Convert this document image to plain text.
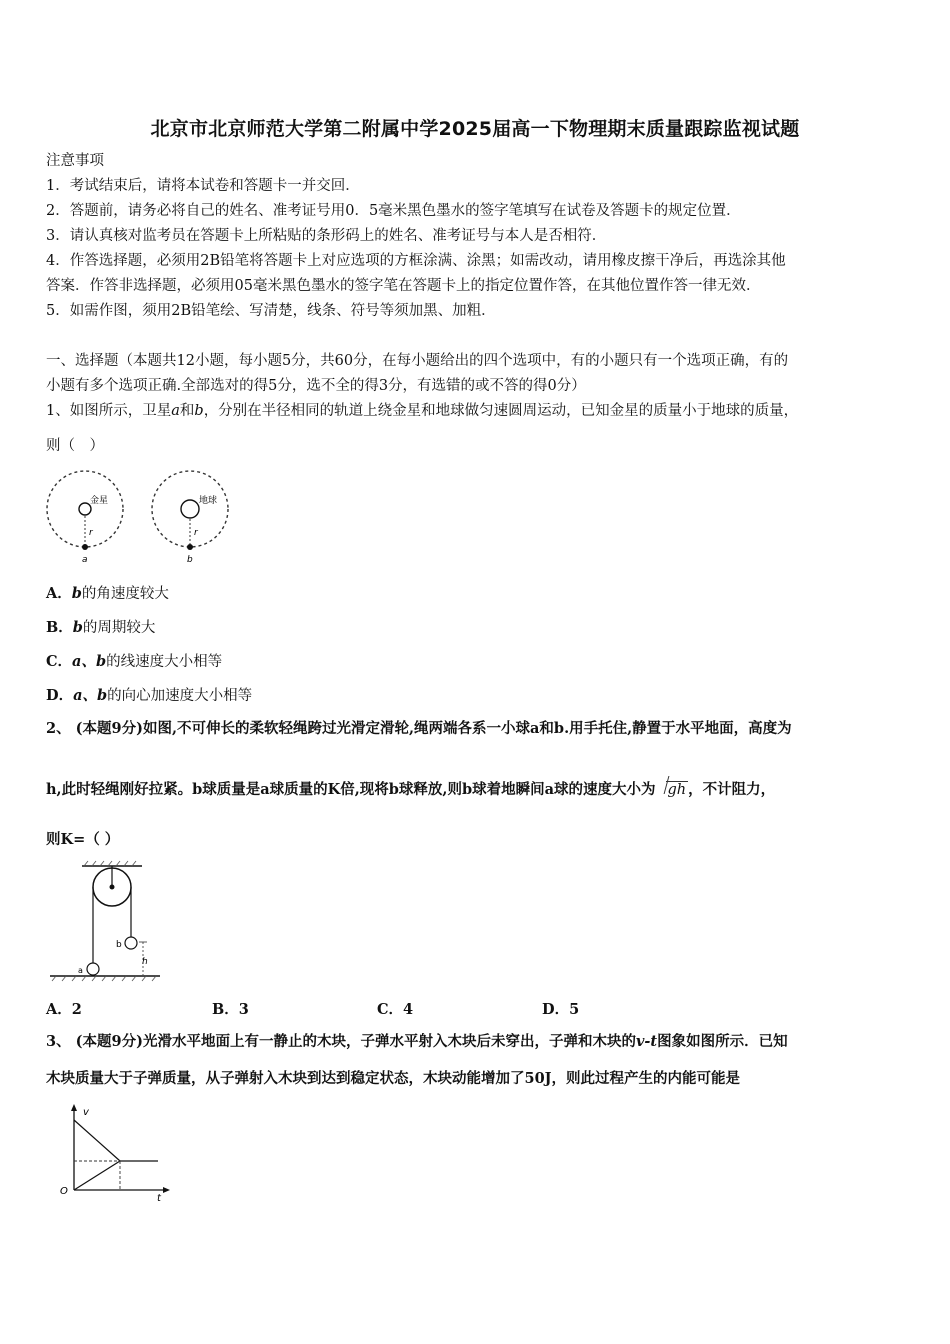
北京市北京师范大学第二附属中学2025届高一下物理期末质量跟踪监视试题
注意事项
1．考试结束后，请将本试卷和答题卡一并交回．
2．答题前，请务必将自己的姓名、准考证号用0．5毫米黑色墨水的签字笔填写在试卷及答题卡的规定位置．
3．请认真核对监考员在答题卡上所粘贴的条形码上的姓名、准考证号与本人是否相符．
4．作答选择题，必须用2B铅笔将答题卡上对应选项的方框涂满、涂黑；如需改动，请用橡皮擦干净后，再选涂其他
答案．作答非选择题，必须用05毫米黑色墨水的签字笔在答题卡上的指定位置作答，在其他位置作答一律无效．
5．如需作图，须用2B铅笔绘、写清楚，线条、符号等须加黑、加粗．
一、选择题（本题共12小题，每小题5分，共60分，在每小题给出的四个选项中，有的小题只有一个选项正确，有的
小题有多个选项正确.全部选对的得5分，选不全的得3分，有选错的或不答的得0分）
1、如图所示，卫星a和b，分别在半径相同的轨道上绕金星和地球做匀速圆周运动，已知金星的质量小于地球的质量，
则（　）
金星
r
a
地球
r
b
A．b的角速度较大
B．b的周期较大
C．a、b的线速度大小相等
D．a、b的向心加速度大小相等
2、 (本题9分)如图,不可伸长的柔软轻绳跨过光滑定滑轮,绳两端各系一小球a和b.用手托住,静置于水平地面，高度为
h,此时轻绳刚好拉紧。b球质量是a球质量的K倍,现将b球释放,则b球着地瞬间a球的速度大小为 gh ，不计阻力，
则K=（ ）
b
a
h
A．2	B．3	C．4	D．5
3、 (本题9分)光滑水平地面上有一静止的木块，子弹水平射入木块后未穿出，子弹和木块的v-t图象如图所示．已知
木块质量大于子弹质量，从子弹射入木块到达到稳定状态，木块动能增加了50J，则此过程产生的内能可能是
v
t
O
